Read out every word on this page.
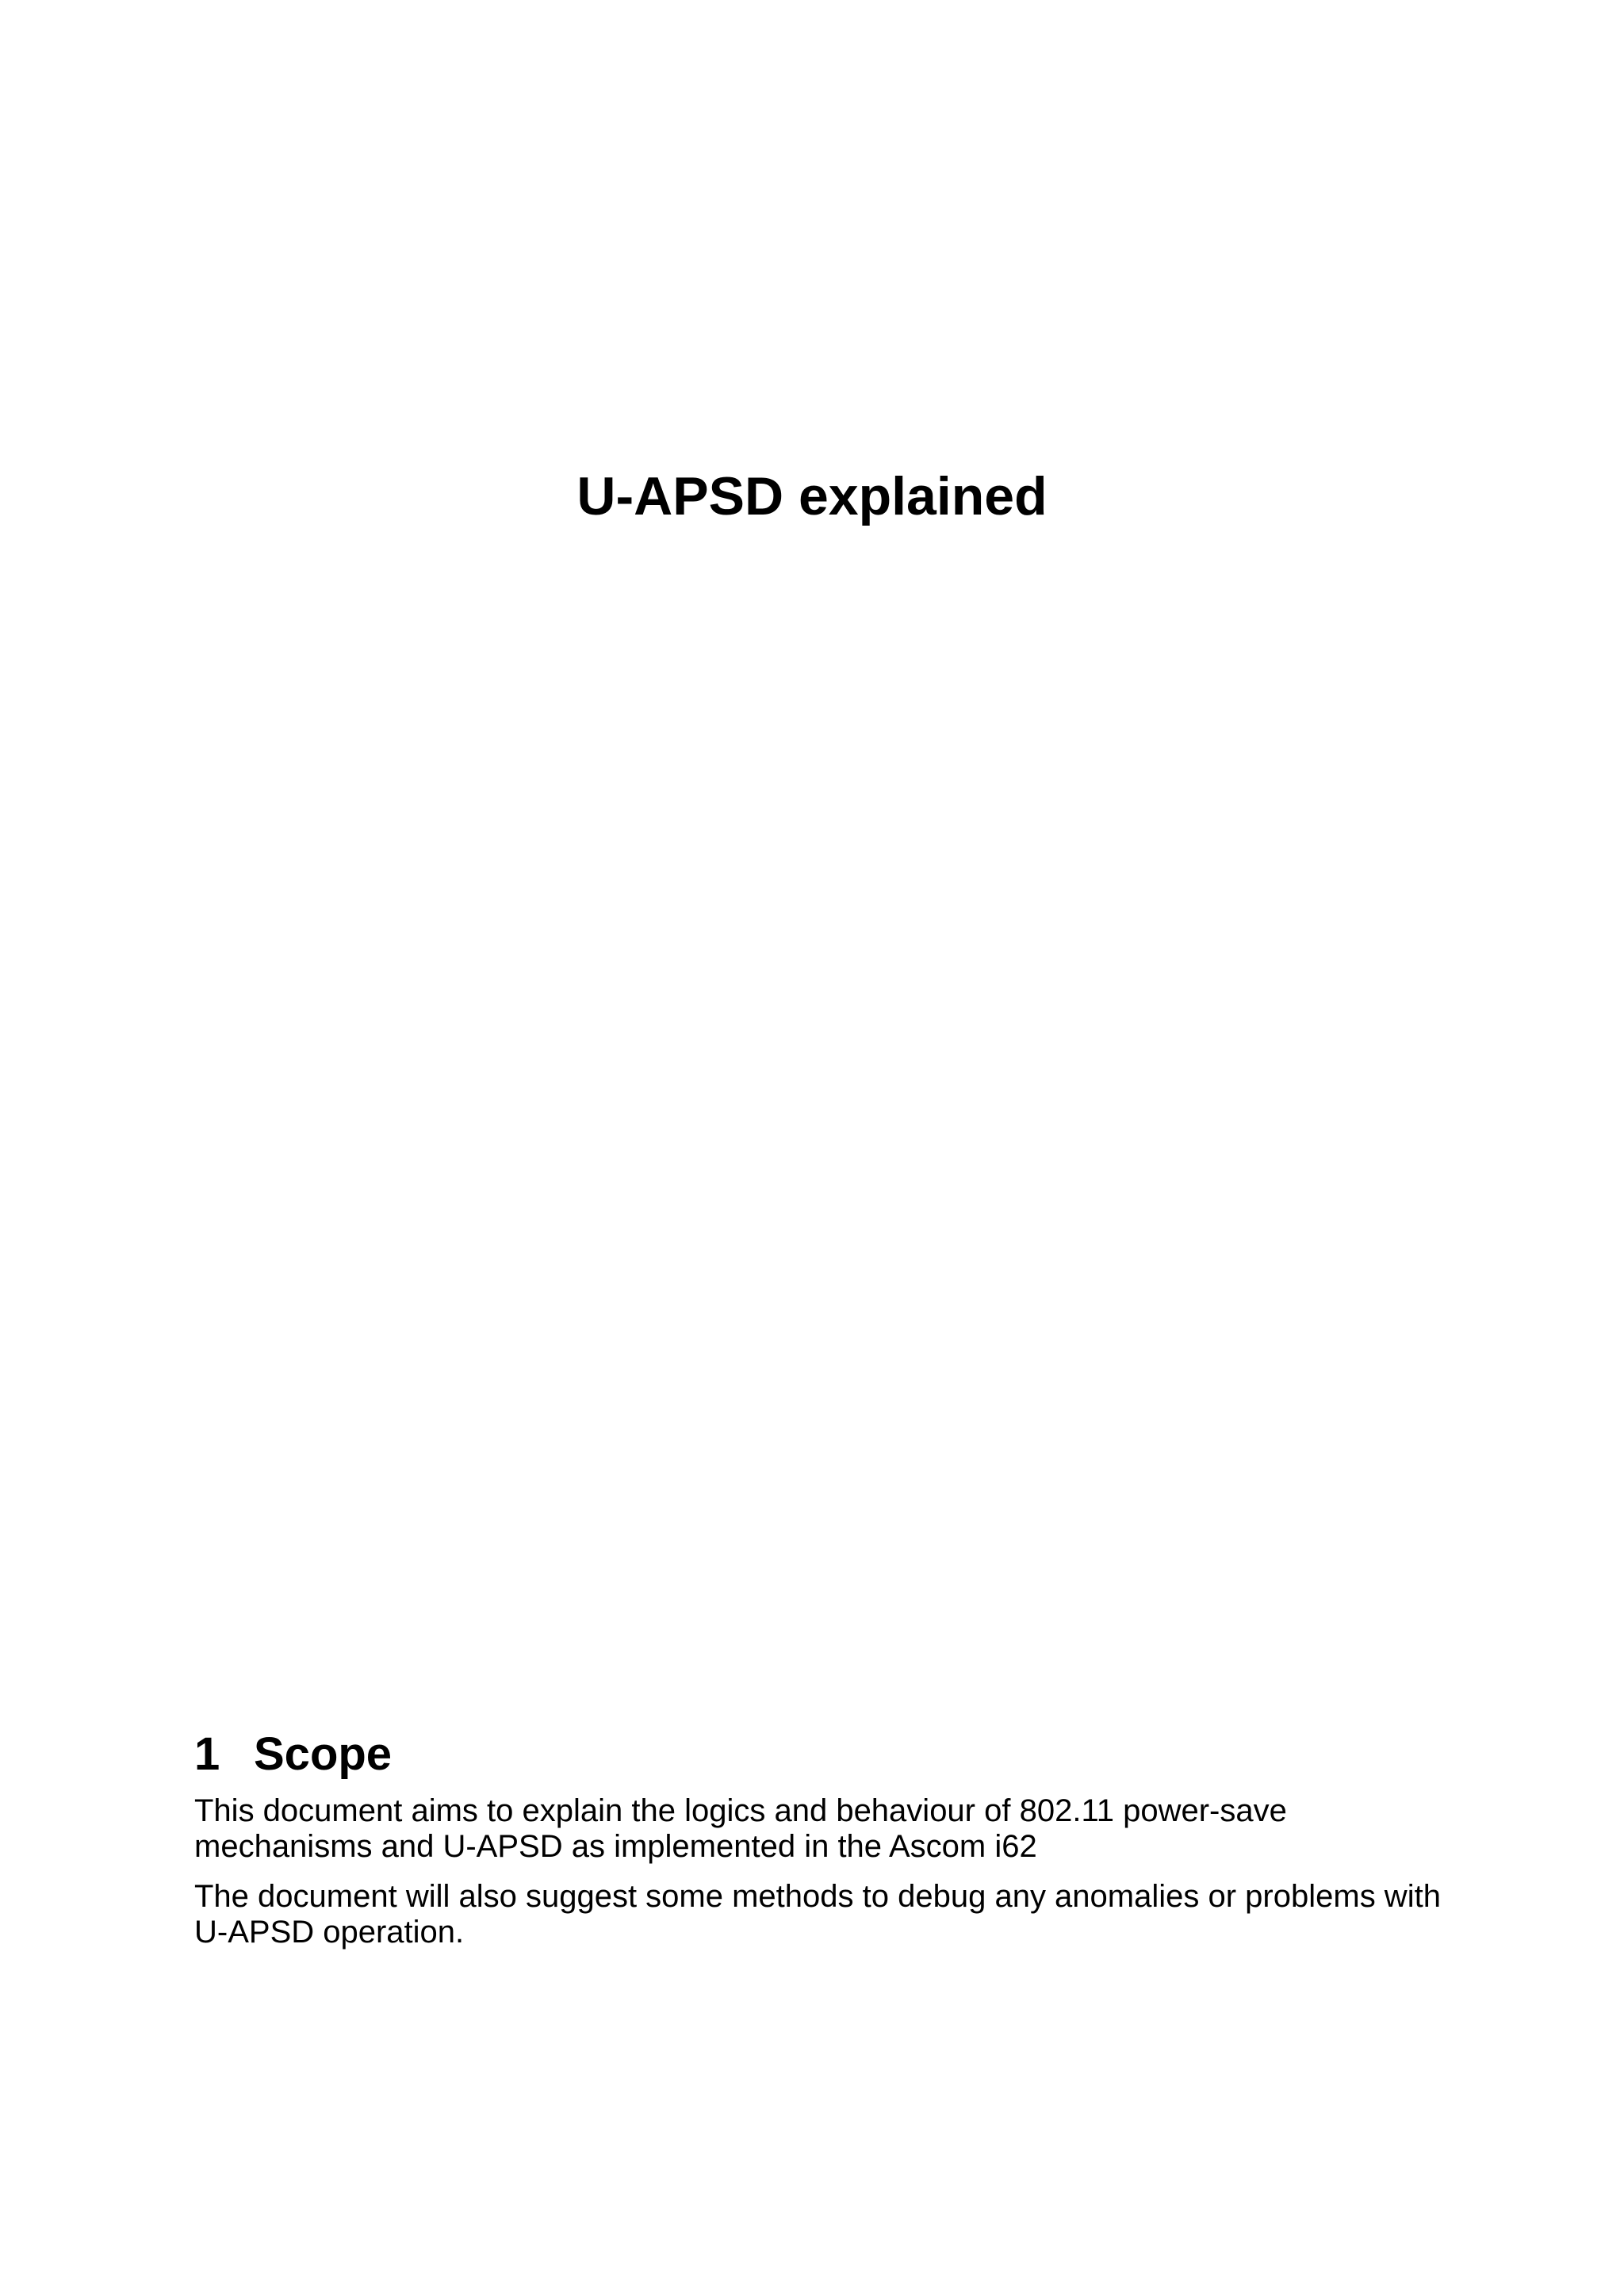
U-APSD explained
1 Scope

This document aims to explain the logics and behaviour of 802.11 power-save mechanisms and U-APSD as implemented in the Ascom i62

The document will also suggest some methods to debug any anomalies or problems with U-APSD operation.
